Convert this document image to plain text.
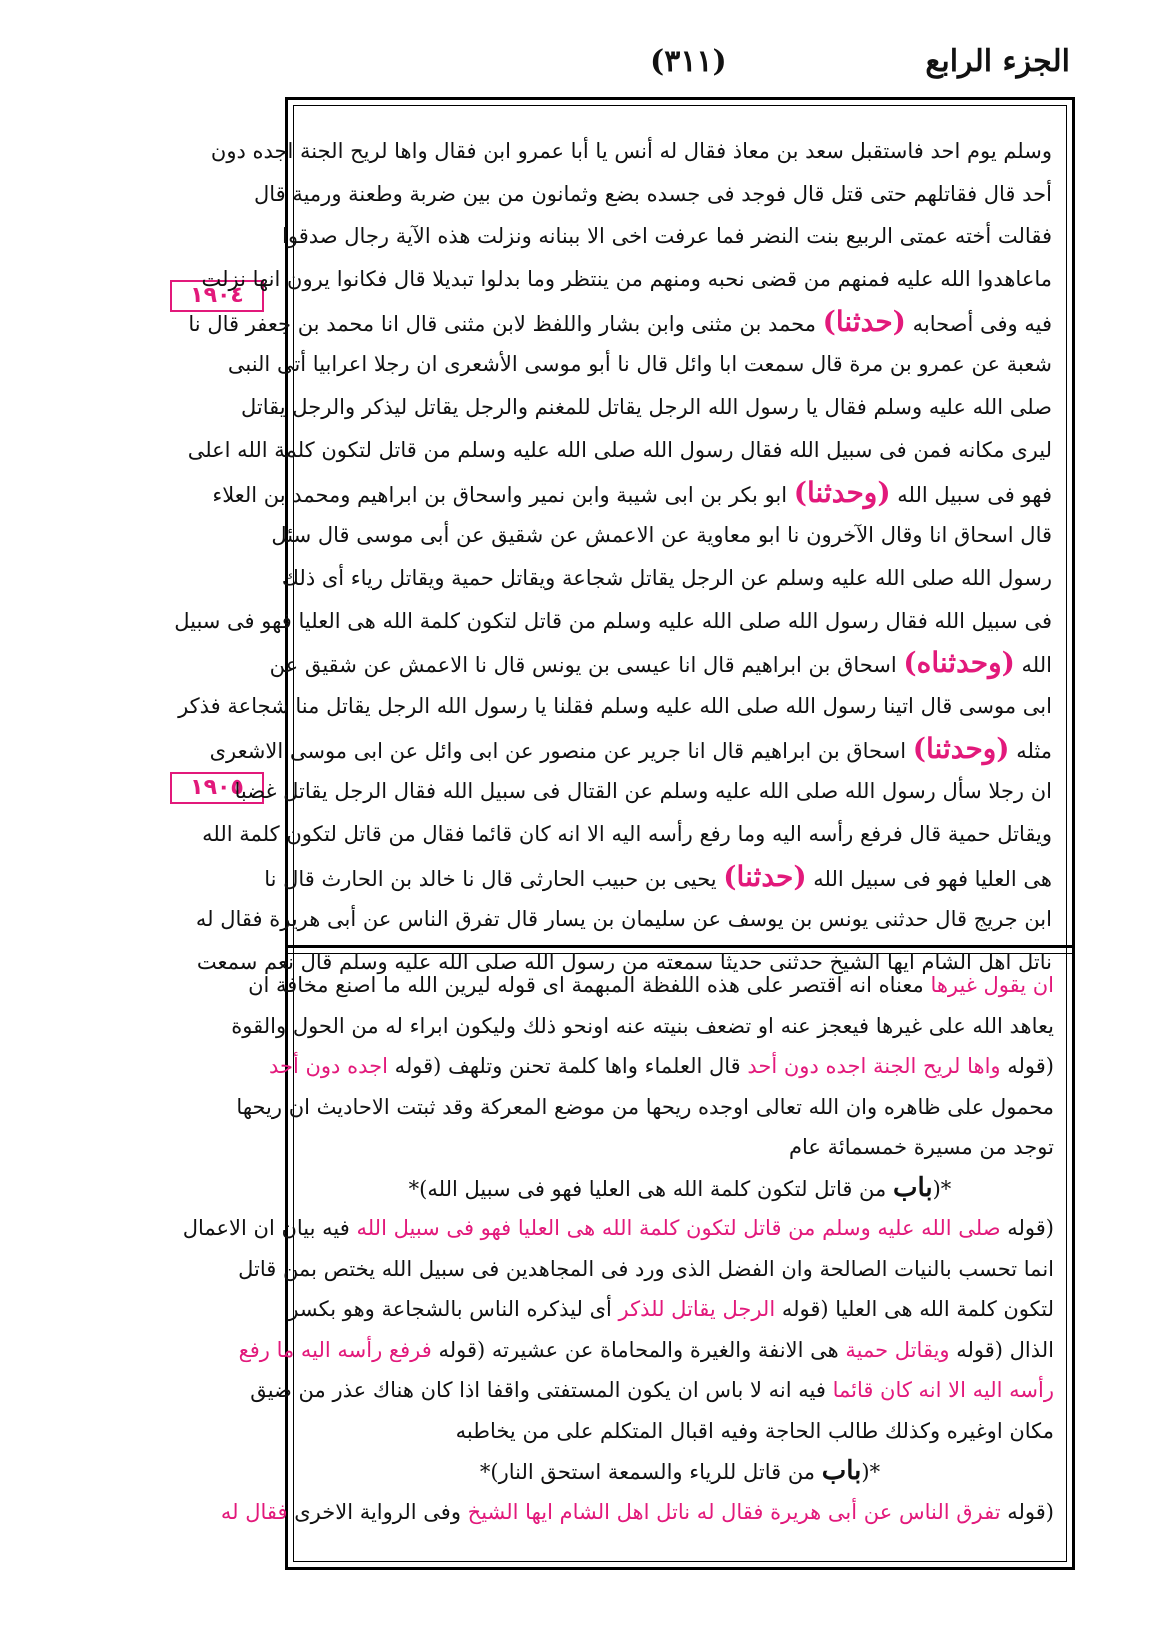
الجزء الرابع
(٣١١)
١٩٠٤
١٩٠٥
وسلم يوم احد فاستقبل سعد بن معاذ فقال له أنس يا أبا عمرو ابن فقال واها لريح الجنة اجده دون
أحد قال فقاتلهم حتى قتل قال فوجد فى جسده بضع وثمانون من بين ضربة وطعنة ورمية قال
فقالت أخته عمتى الربيع بنت النضر فما عرفت اخى الا ببنانه ونزلت هذه الآية رجال صدقوا
ماعاهدوا الله عليه فمنهم من قضى نحبه ومنهم من ينتظر وما بدلوا تبديلا قال فكانوا يرون انها نزلت
فيه وفى أصحابه (حدثنا) محمد بن مثنى وابن بشار واللفظ لابن مثنى قال انا محمد بن جعفر قال نا
شعبة عن عمرو بن مرة قال سمعت ابا وائل قال نا أبو موسى الأشعرى ان رجلا اعرابيا أتى النبى
صلى الله عليه وسلم فقال يا رسول الله الرجل يقاتل للمغنم والرجل يقاتل ليذكر والرجل يقاتل
ليرى مكانه فمن فى سبيل الله فقال رسول الله صلى الله عليه وسلم من قاتل لتكون كلمة الله اعلى
فهو فى سبيل الله (وحدثنا) ابو بكر بن ابى شيبة وابن نمير واسحاق بن ابراهيم ومحمد بن العلاء
قال اسحاق انا وقال الآخرون نا ابو معاوية عن الاعمش عن شقيق عن أبى موسى قال سئل
رسول الله صلى الله عليه وسلم عن الرجل يقاتل شجاعة ويقاتل حمية ويقاتل رياء أى ذلك
فى سبيل الله فقال رسول الله صلى الله عليه وسلم من قاتل لتكون كلمة الله هى العليا فهو فى سبيل
الله (وحدثناه) اسحاق بن ابراهيم قال انا عيسى بن يونس قال نا الاعمش عن شقيق عن
ابى موسى قال اتينا رسول الله صلى الله عليه وسلم فقلنا يا رسول الله الرجل يقاتل منا شجاعة فذكر
مثله (وحدثنا) اسحاق بن ابراهيم قال انا جرير عن منصور عن ابى وائل عن ابى موسى الاشعرى
ان رجلا سأل رسول الله صلى الله عليه وسلم عن القتال فى سبيل الله فقال الرجل يقاتل غضبا
ويقاتل حمية قال فرفع رأسه اليه وما رفع رأسه اليه الا انه كان قائما فقال من قاتل لتكون كلمة الله
هى العليا فهو فى سبيل الله (حدثنا) يحيى بن حبيب الحارثى قال نا خالد بن الحارث قال نا
ابن جريج قال حدثنى يونس بن يوسف عن سليمان بن يسار قال تفرق الناس عن أبى هريرة فقال له
ناتل اهل الشام ايها الشيخ حدثنى حديثا سمعته من رسول الله صلى الله عليه وسلم قال نعم سمعت
ان يقول غيرها معناه انه اقتصر على هذه اللفظة المبهمة اى قوله ليرين الله ما اصنع مخافة ان
يعاهد الله على غيرها فيعجز عنه او تضعف بنيته عنه اونحو ذلك وليكون ابراء له من الحول والقوة
(قوله واها لريح الجنة اجده دون أحد قال العلماء واها كلمة تحنن وتلهف (قوله اجده دون أحد
محمول على ظاهره وان الله تعالى اوجده ريحها من موضع المعركة وقد ثبتت الاحاديث ان ريحها
توجد من مسيرة خمسمائة عام
*(باب من قاتل لتكون كلمة الله هى العليا فهو فى سبيل الله)*
(قوله صلى الله عليه وسلم من قاتل لتكون كلمة الله هى العليا فهو فى سبيل الله فيه بيان ان الاعمال
انما تحسب بالنيات الصالحة وان الفضل الذى ورد فى المجاهدين فى سبيل الله يختص بمن قاتل
لتكون كلمة الله هى العليا (قوله الرجل يقاتل للذكر أى ليذكره الناس بالشجاعة وهو بكسر
الذال (قوله ويقاتل حمية هى الانفة والغيرة والمحاماة عن عشيرته (قوله فرفع رأسه اليه ما رفع
رأسه اليه الا انه كان قائما فيه انه لا باس ان يكون المستفتى واقفا اذا كان هناك عذر من ضيق
مكان اوغيره وكذلك طالب الحاجة وفيه اقبال المتكلم على من يخاطبه
*(باب من قاتل للرياء والسمعة استحق النار)*
(قوله تفرق الناس عن أبى هريرة فقال له ناتل اهل الشام ايها الشيخ وفى الرواية الاخرى فقال له
